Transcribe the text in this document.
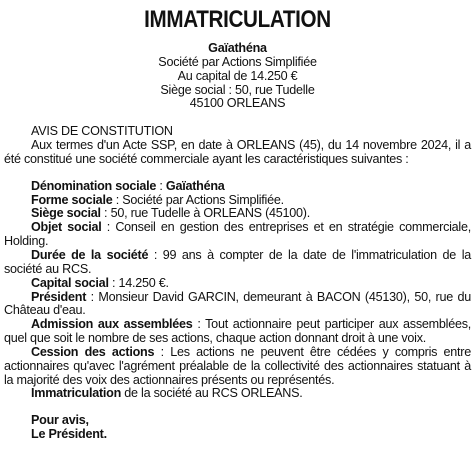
IMMATRICULATION
Gaïathéna
Société par Actions Simplifiée
Au capital de 14.250 €
Siège social : 50, rue Tudelle
45100 ORLEANS

AVIS DE CONSTITUTION

Aux termes d'un Acte SSP, en date à ORLEANS (45), du 14 novembre 2024, il a été constitué une société commerciale ayant les caractéristiques suivantes :

Dénomination sociale : Gaïathéna

Forme sociale : Société par Actions Simplifiée.

Siège social : 50, rue Tudelle à ORLEANS (45100).

Objet social : Conseil en gestion des entreprises et en stratégie commerciale, Holding.

Durée de la société : 99 ans à compter de la date de l'immatriculation de la société au RCS.

Capital social : 14.250 €.

Président : Monsieur David GARCIN, demeurant à BACON (45130), 50, rue du Château d'eau.

Admission aux assemblées : Tout actionnaire peut participer aux assemblées, quel que soit le nombre de ses actions, chaque action donnant droit à une voix.

Cession des actions : Les actions ne peuvent être cédées y compris entre actionnaires qu'avec l'agrément préalable de la collectivité des actionnaires statuant à la majorité des voix des actionnaires présents ou représentés.

Immatriculation de la société au RCS ORLEANS.

Pour avis,

Le Président.
